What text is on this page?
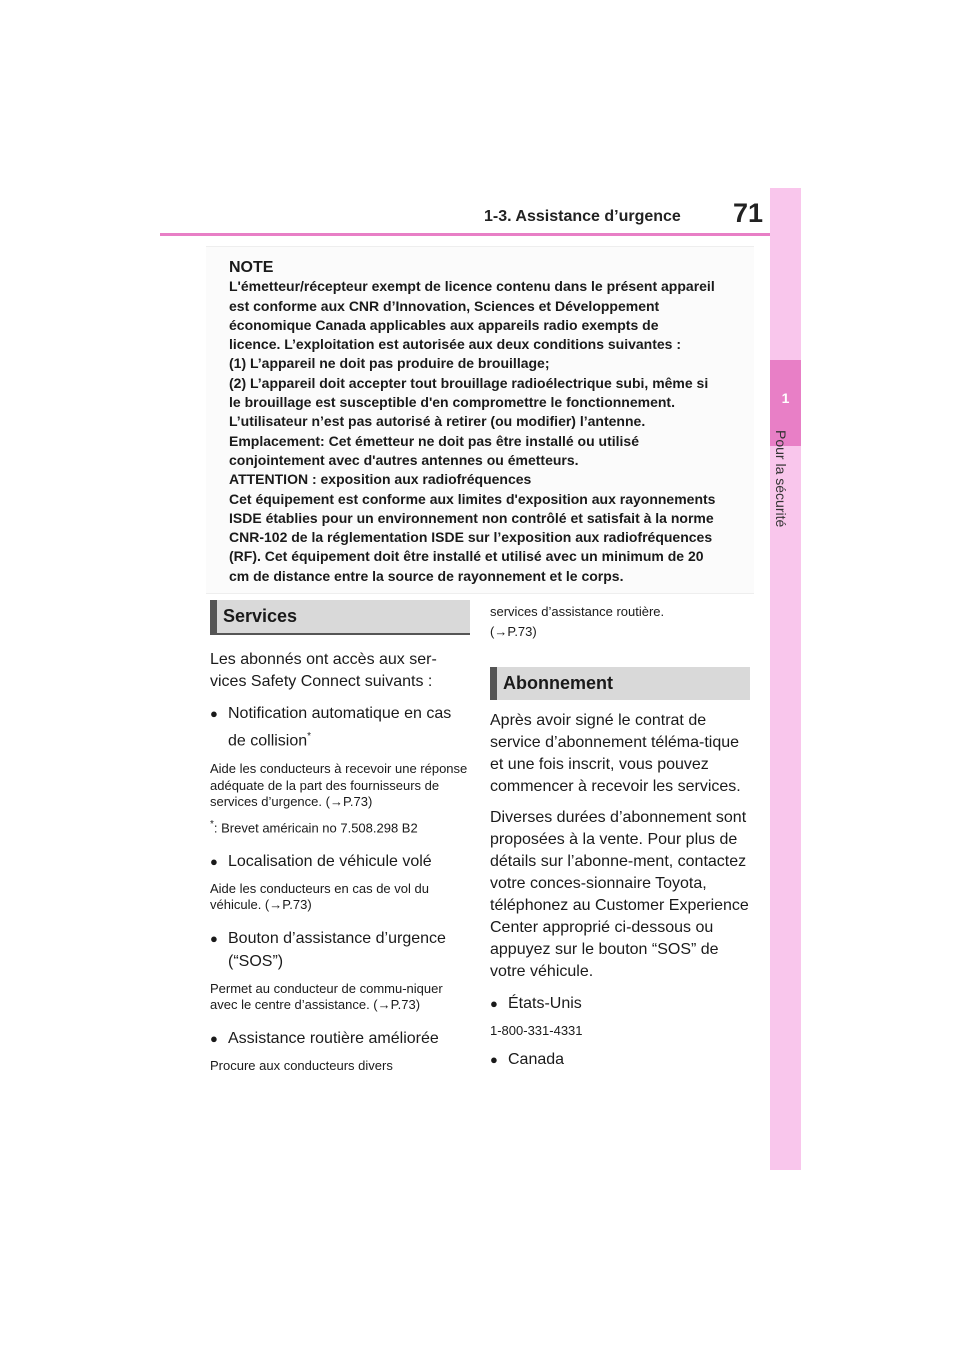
1-3. Assistance d’urgence 71
1
Pour la sécurité
NOTE
L'émetteur/récepteur exempt de licence contenu dans le présent appareil
est conforme aux CNR d’Innovation, Sciences et Développement
économique Canada applicables aux appareils radio exempts de
licence. L’exploitation est autorisée aux deux conditions suivantes :
(1) L’appareil ne doit pas produire de brouillage;
(2) L’appareil doit accepter tout brouillage radioélectrique subi, même si
le brouillage est susceptible d'en compromettre le fonctionnement.
L’utilisateur n’est pas autorisé à retirer (ou modifier) l’antenne.
Emplacement: Cet émetteur ne doit pas être installé ou utilisé
conjointement avec d'autres antennes ou émetteurs.
ATTENTION : exposition aux radiofréquences
Cet équipement est conforme aux limites d'exposition aux rayonnements
ISDE établies pour un environnement non contrôlé et satisfait à la norme
CNR-102 de la réglementation ISDE sur l’exposition aux radiofréquences
(RF). Cet équipement doit être installé et utilisé avec un minimum de 20
cm de distance entre la source de rayonnement et le corps.
Services

Les abonnés ont accès aux ser-vices Safety Connect suivants :

● Notification automatique en cas de collision*

Aide les conducteurs à recevoir une réponse adéquate de la part des fournisseurs de services d’urgence. (→P.73)

*: Brevet américain no 7.508.298 B2

● Localisation de véhicule volé

Aide les conducteurs en cas de vol du véhicule. (→P.73)

● Bouton d’assistance d’urgence (“SOS”)

Permet au conducteur de commu-niquer avec le centre d’assistance. (→P.73)

● Assistance routière améliorée

Procure aux conducteurs divers

services d’assistance routière.

(→P.73)

Abonnement

Après avoir signé le contrat de service d’abonnement téléma-tique et une fois inscrit, vous pouvez commencer à recevoir les services.

Diverses durées d’abonnement sont proposées à la vente. Pour plus de détails sur l’abonne-ment, contactez votre conces-sionnaire Toyota, téléphonez au Customer Experience Center approprié ci-dessous ou appuyez sur le bouton “SOS” de votre véhicule.

● États-Unis

1-800-331-4331

● Canada
